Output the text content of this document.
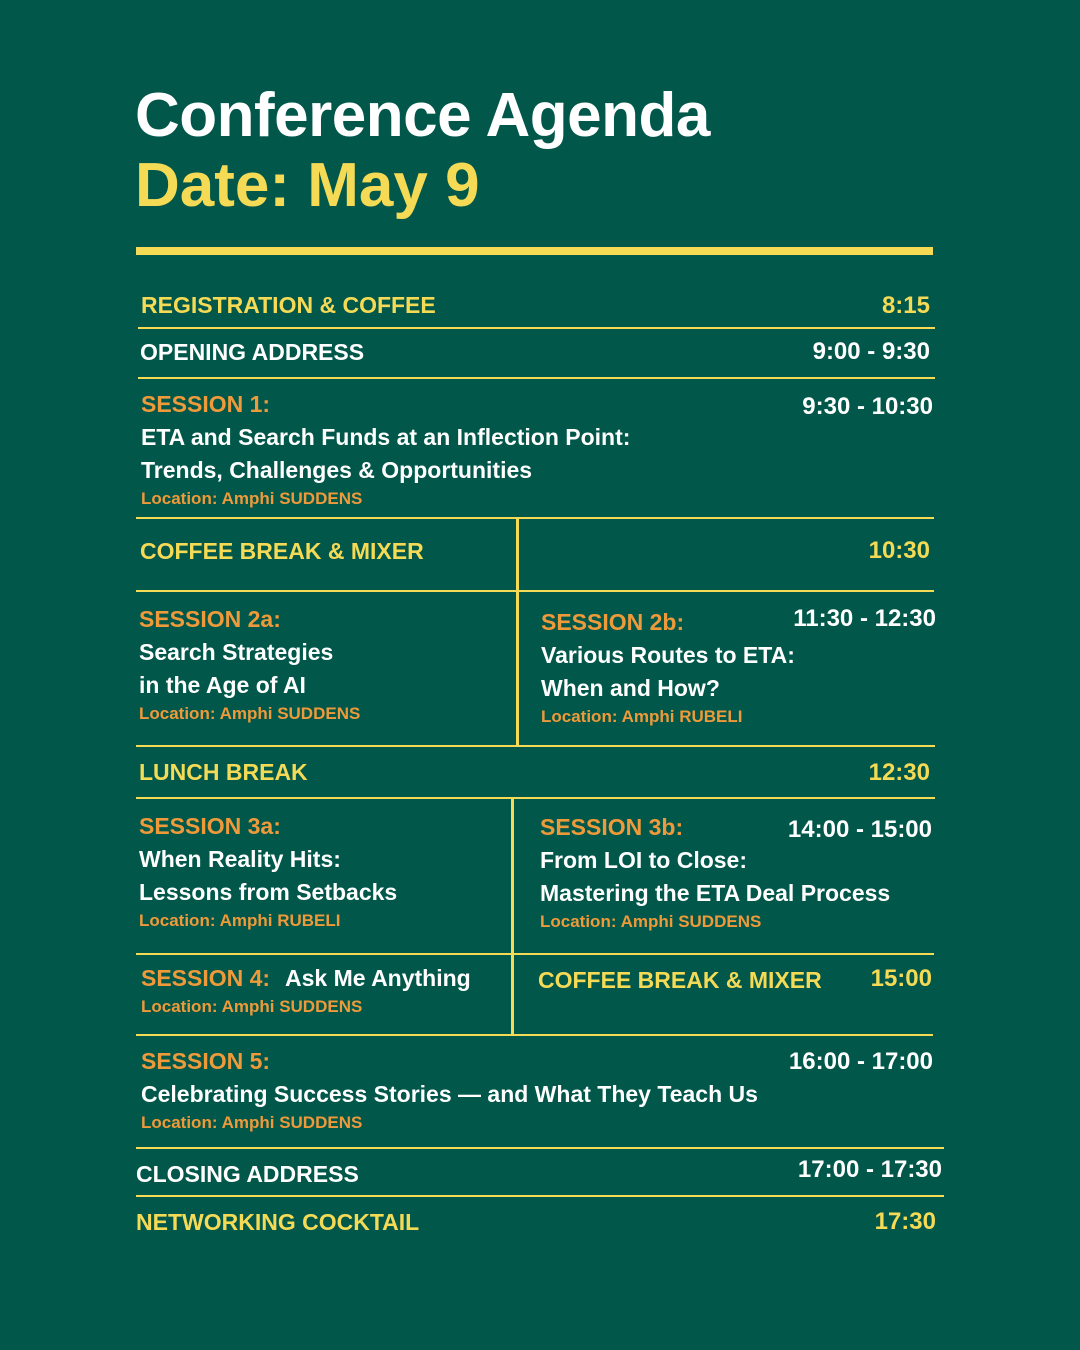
Conference Agenda
Date: May 9
REGISTRATION & COFFEE	8:15
OPENING ADDRESS	9:00 - 9:30
SESSION 1:	9:30 - 10:30
ETA and Search Funds at an Inflection Point:
Trends, Challenges & Opportunities
Location: Amphi SUDDENS
COFFEE BREAK & MIXER	10:30
SESSION 2a:
Search Strategies
in the Age of AI
Location: Amphi SUDDENS
SESSION 2b:	11:30 - 12:30
Various Routes to ETA:
When and How?
Location: Amphi RUBELI
LUNCH BREAK	12:30
SESSION 3a:
When Reality Hits:
Lessons from Setbacks
Location: Amphi RUBELI
SESSION 3b:	14:00 - 15:00
From LOI to Close:
Mastering the ETA Deal Process
Location: Amphi SUDDENS
SESSION 4: Ask Me Anything
Location: Amphi SUDDENS
COFFEE BREAK & MIXER	15:00
SESSION 5:	16:00 - 17:00
Celebrating Success Stories — and What They Teach Us
Location: Amphi SUDDENS
CLOSING ADDRESS	17:00 - 17:30
NETWORKING COCKTAIL	17:30
